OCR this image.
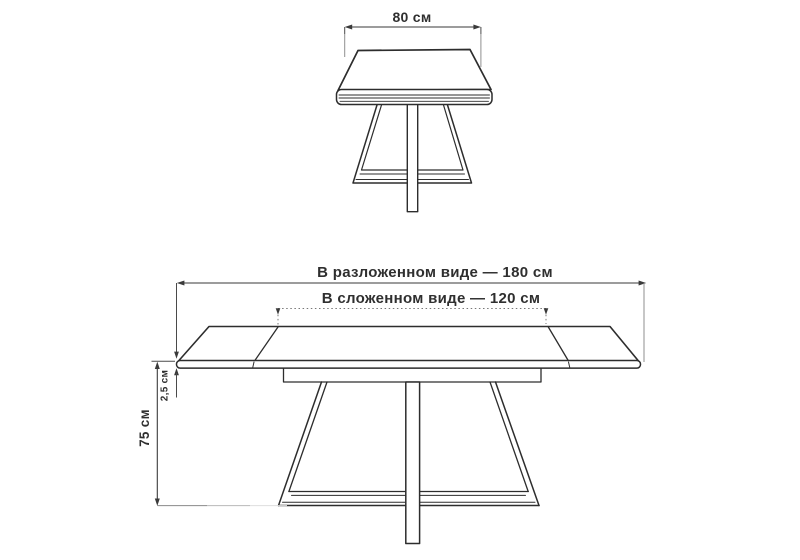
80 см
В разложенном виде — 180 см
В сложенном виде — 120 см
75 см
2,5 см
